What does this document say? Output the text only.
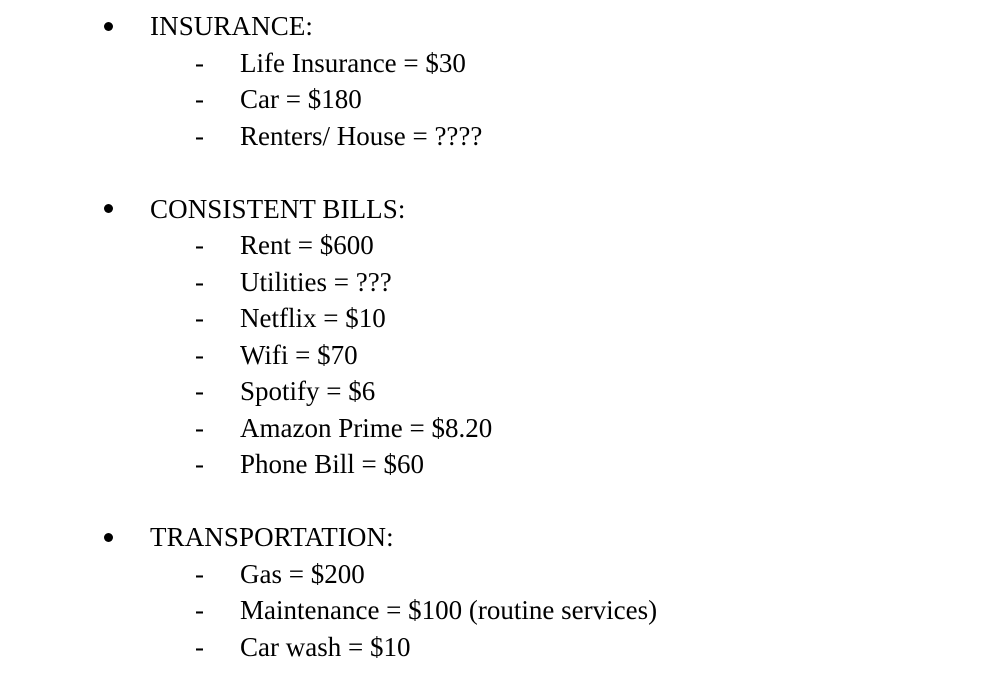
INSURANCE:
- Life Insurance = $30
- Car = $180
- Renters/ House = ????
CONSISTENT BILLS:
- Rent = $600
- Utilities = ???
- Netflix = $10
- Wifi = $70
- Spotify = $6
- Amazon Prime = $8.20
- Phone Bill = $60
TRANSPORTATION:
- Gas = $200
- Maintenance = $100 (routine services)
- Car wash = $10
